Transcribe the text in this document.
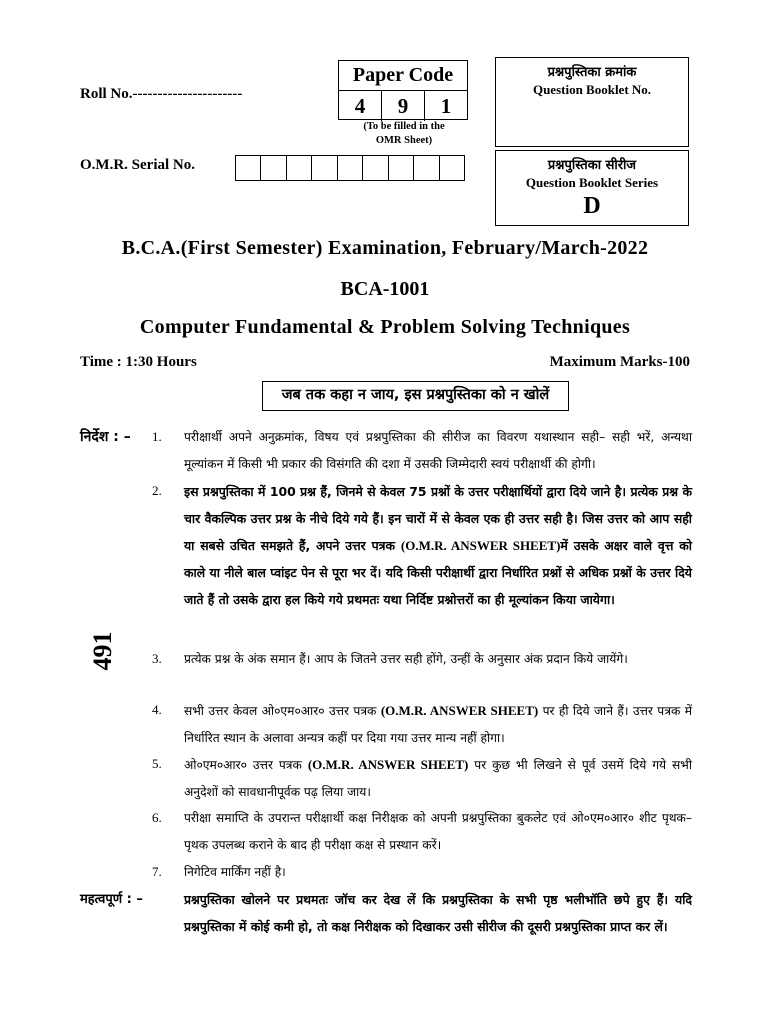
Roll No.----------------------
Paper Code
4	9	1
(To be filled in the
OMR Sheet)
प्रश्नपुस्तिका क्रमांक
Question Booklet No.
O.M.R. Serial No.	प्रश्नपुस्तिका सीरीज
Question Booklet Series
D
B.C.A.(First Semester) Examination, February/March-2022
BCA-1001
Computer Fundamental & Problem Solving Techniques
Time : 1:30 Hours	Maximum Marks-100
जब तक कहा न जाय, इस प्रश्नपुस्तिका को न खोलें
491
निर्देश : – 1.	परीक्षार्थी अपने अनुक्रमांक, विषय एवं प्रश्नपुस्तिका की सीरीज का विवरण यथास्थान सही– सही भरें, अन्यथा मूल्यांकन में किसी भी प्रकार की विसंगति की दशा में उसकी जिम्मेदारी स्वयं परीक्षार्थी की होगी।
2.	इस प्रश्नपुस्तिका में 100 प्रश्न हैं, जिनमे से केवल 75 प्रश्नों के उत्तर परीक्षार्थियों द्वारा दिये जाने है। प्रत्येक प्रश्न के चार वैकल्पिक उत्तर प्रश्न के नीचे दिये गये हैं। इन चारों में से केवल एक ही उत्तर सही है। जिस उत्तर को आप सही या सबसे उचित समझते हैं, अपने उत्तर पत्रक (O.M.R. ANSWER SHEET)में उसके अक्षर वाले वृत्त को काले या नीले बाल प्वांइट पेन से पूरा भर दें। यदि किसी परीक्षार्थी द्वारा निर्धारित प्रश्नों से अधिक प्रश्नों के उत्तर दिये जाते हैं तो उसके द्वारा हल किये गये प्रथमतः यथा निर्दिष्ट प्रश्नोत्तरों का ही मूल्यांकन किया जायेगा।
3.	प्रत्येक प्रश्न के अंक समान हैं। आप के जितने उत्तर सही होंगे, उन्हीं के अनुसार अंक प्रदान किये जायेंगे।
4.	सभी उत्तर केवल ओ०एम०आर० उत्तर पत्रक (O.M.R. ANSWER SHEET) पर ही दिये जाने हैं। उत्तर पत्रक में निर्धारित स्थान के अलावा अन्यत्र कहीं पर दिया गया उत्तर मान्य नहीं होगा।
5.	ओ०एम०आर० उत्तर पत्रक (O.M.R. ANSWER SHEET) पर कुछ भी लिखने से पूर्व उसमें दिये गये सभी अनुदेशों को सावधानीपूर्वक पढ़ लिया जाय।
6.	परीक्षा समाप्ति के उपरान्त परीक्षार्थी कक्ष निरीक्षक को अपनी प्रश्नपुस्तिका बुकलेट एवं ओ०एम०आर० शीट पृथक–पृथक उपलब्ध कराने के बाद ही परीक्षा कक्ष से प्रस्थान करें।
7.	निगेटिव मार्किंग नहीं है।
महत्वपूर्ण : –	प्रश्नपुस्तिका खोलने पर प्रथमतः जॉच कर देख लें कि प्रश्नपुस्तिका के सभी पृष्ठ भलीभॉति छपे हुए हैं। यदि प्रश्नपुस्तिका में कोई कमी हो, तो कक्ष निरीक्षक को दिखाकर उसी सीरीज की दूसरी प्रश्नपुस्तिका प्राप्त कर लें।
